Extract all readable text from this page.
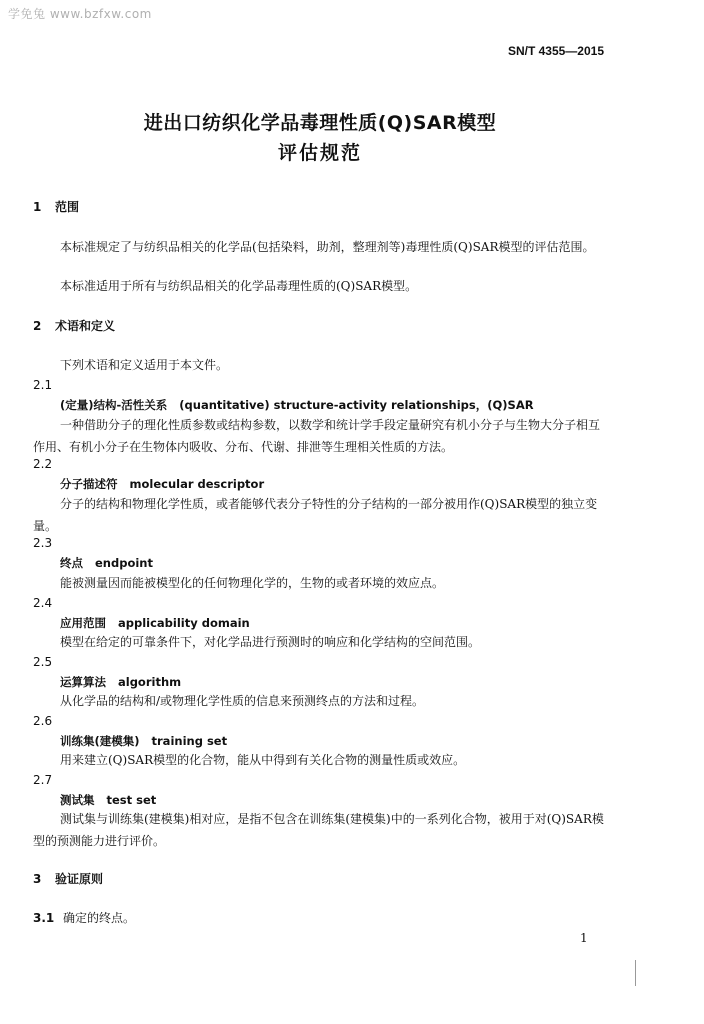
学免兔 www.bzfxw.com
SN/T 4355—2015
进出口纺织化学品毒理性质(Q)SAR模型
评估规范
1 范围

本标准规定了与纺织品相关的化学品(包括染料，助剂，整理剂等)毒理性质(Q)SAR模型的评估范围。

本标准适用于所有与纺织品相关的化学品毒理性质的(Q)SAR模型。

2 术语和定义

下列术语和定义适用于本文件。

2.1
(定量)结构-活性关系 (quantitative) structure-activity relationships，(Q)SAR

一种借助分子的理化性质参数或结构参数，以数学和统计学手段定量研究有机小分子与生物大分子相互作用、有机小分子在生物体内吸收、分布、代谢、排泄等生理相关性质的方法。

2.2
分子描述符 molecular descriptor

分子的结构和物理化学性质，或者能够代表分子特性的分子结构的一部分被用作(Q)SAR模型的独立变量。

2.3
终点 endpoint

能被测量因而能被模型化的任何物理化学的，生物的或者环境的效应点。

2.4
应用范围 applicability domain

模型在给定的可靠条件下，对化学品进行预测时的响应和化学结构的空间范围。

2.5
运算算法 algorithm

从化学品的结构和/或物理化学性质的信息来预测终点的方法和过程。

2.6
训练集(建模集) training set

用来建立(Q)SAR模型的化合物，能从中得到有关化合物的测量性质或效应。

2.7
测试集 test set

测试集与训练集(建模集)相对应，是指不包含在训练集(建模集)中的一系列化合物，被用于对(Q)SAR模型的预测能力进行评价。

3 验证原则
3.1 确定的终点。
1
